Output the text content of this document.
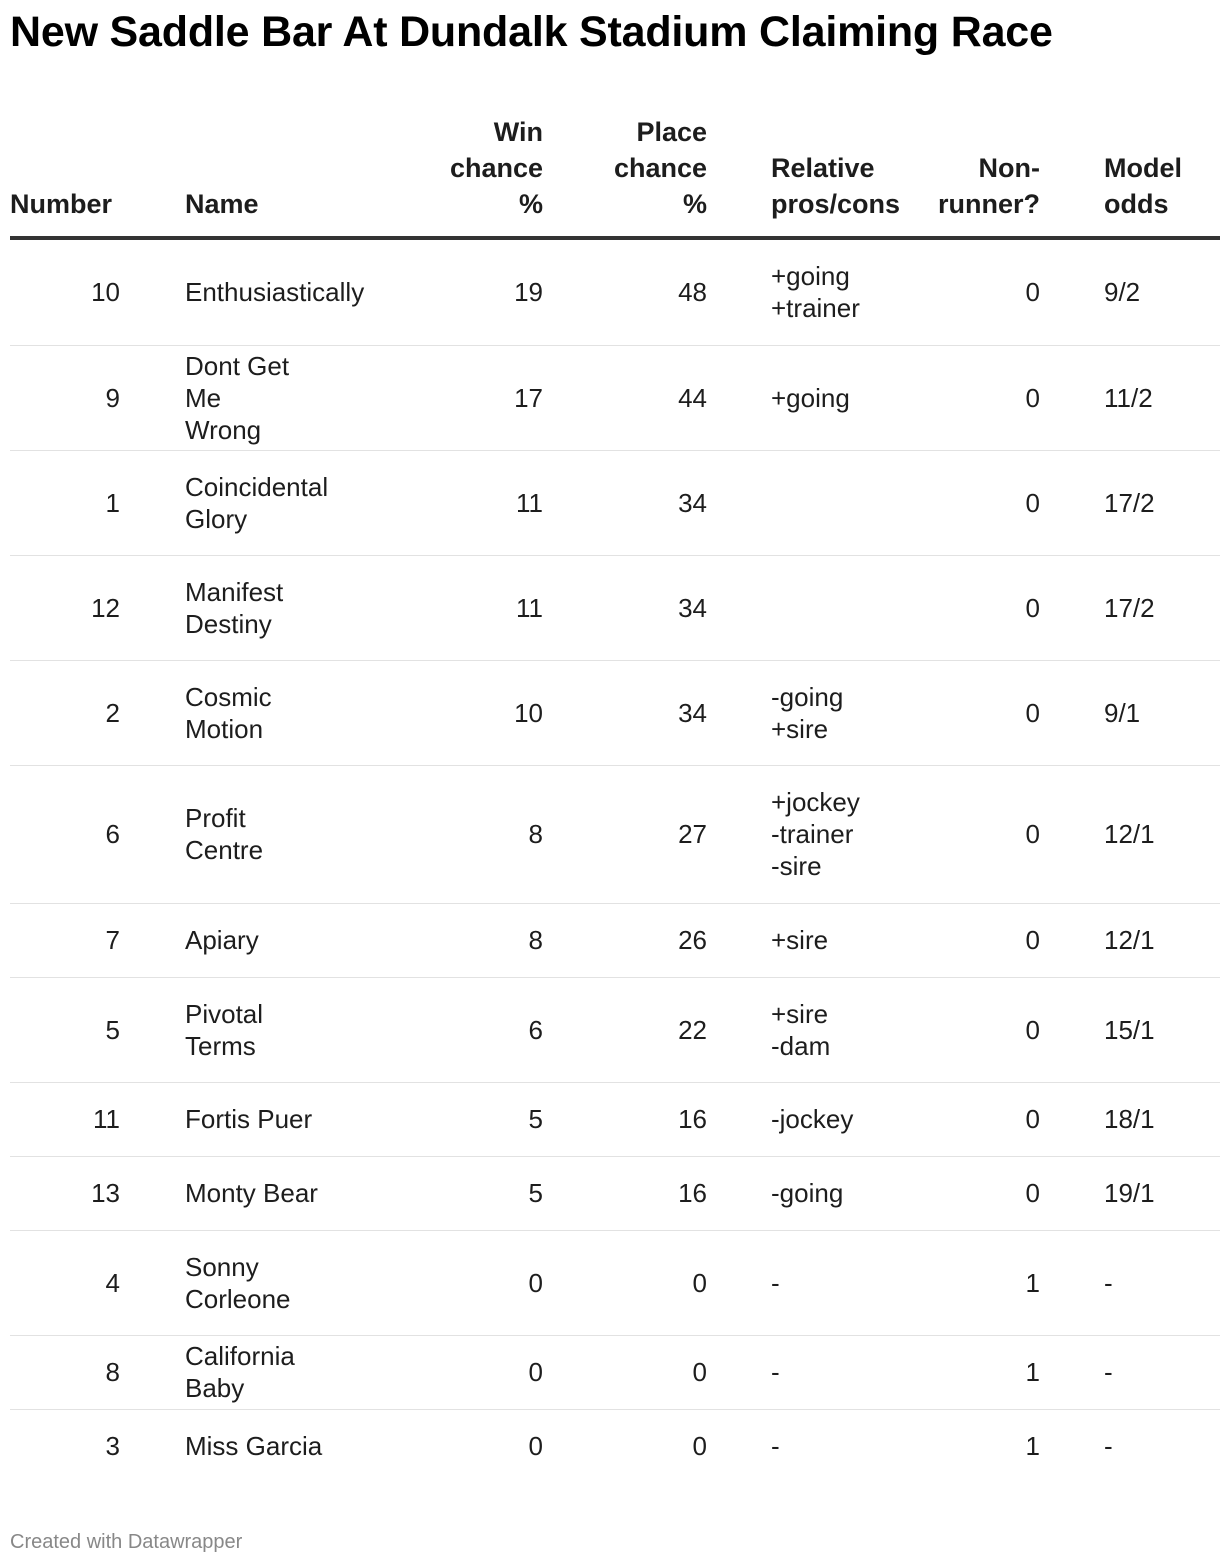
New Saddle Bar At Dundalk Stadium Claiming Race
Number	Name	Win
chance
%	Place
chance
%	Relative
pros/cons	Non-
runner?	Model
odds
10	Enthusiastically	19	48	+going
+trainer	0	9/2
9	Dont Get Me
Wrong	17	44	+going	0	11/2
1	Coincidental
Glory	11	34		0	17/2
12	Manifest
Destiny	11	34		0	17/2
2	Cosmic Motion	10	34	-going
+sire	0	9/1
6	Profit Centre	8	27	+jockey
-trainer
-sire	0	12/1
7	Apiary	8	26	+sire	0	12/1
5	Pivotal Terms	6	22	+sire
-dam	0	15/1
11	Fortis Puer	5	16	-jockey	0	18/1
13	Monty Bear	5	16	-going	0	19/1
4	Sonny
Corleone	0	0	-	1	-
8	California Baby	0	0	-	1	-
3	Miss Garcia	0	0	-	1	-
Created with Datawrapper
